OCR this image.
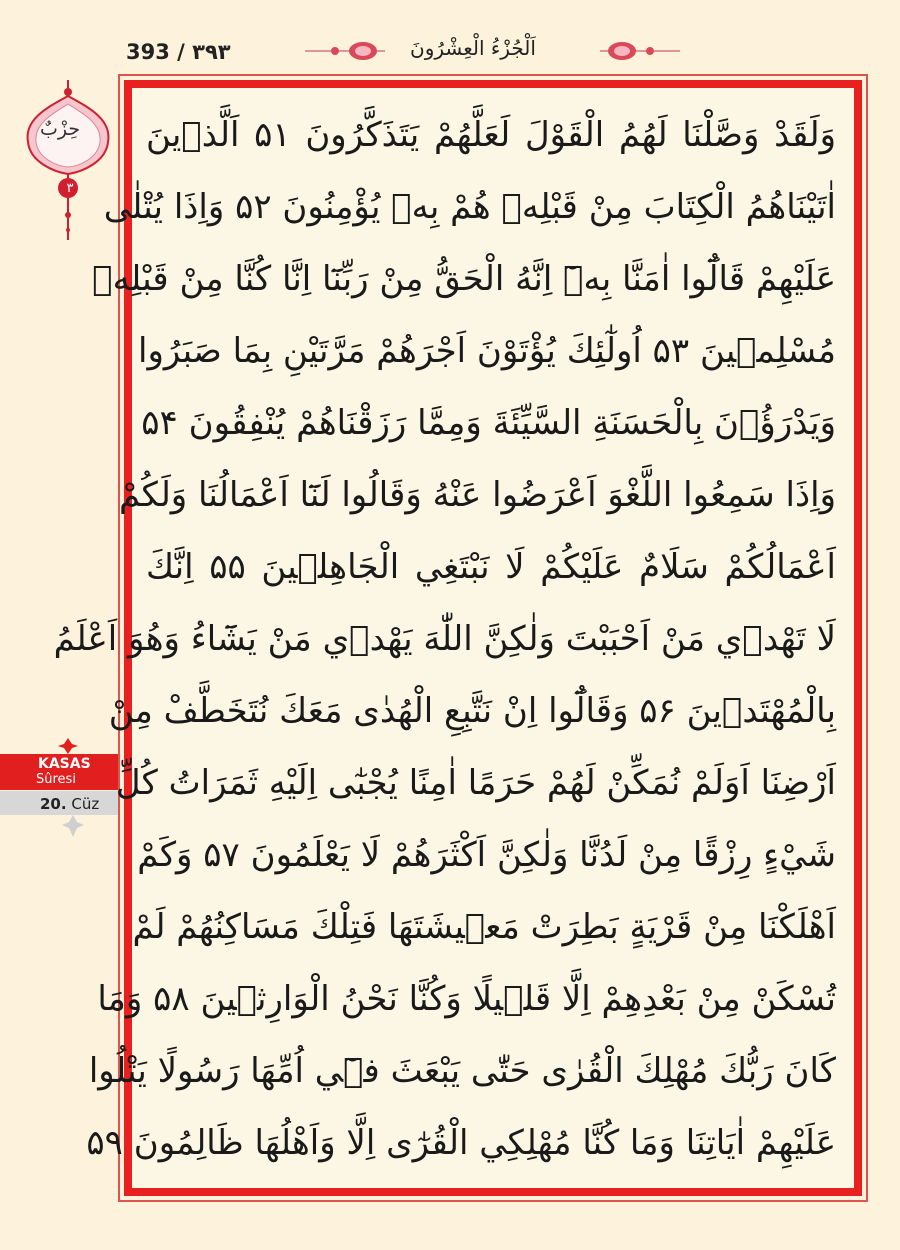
393 / ٣٩٣	اَلْجُزْءُ الْعِشْرُونَ
حِزْبٌ
٣
KASAS
Sûresi
20. Cüz
وَلَقَدْ وَصَّلْنَا لَهُمُ الْقَوْلَ لَعَلَّهُمْ يَتَذَكَّرُونَ ۵۱ اَلَّذٖينَ
اٰتَيْنَاهُمُ الْكِتَابَ مِنْ قَبْلِهٖ هُمْ بِهٖ يُؤْمِنُونَ ۵۲ وَاِذَا يُتْلٰى
عَلَيْهِمْ قَالُٓوا اٰمَنَّا بِهٖٓ اِنَّهُ الْحَقُّ مِنْ رَبِّنَٓا اِنَّا كُنَّا مِنْ قَبْلِهٖ
مُسْلِمٖينَ ۵۳ اُولٰٓئِكَ يُؤْتَوْنَ اَجْرَهُمْ مَرَّتَيْنِ بِمَا صَبَرُوا
وَيَدْرَؤُ۫نَ بِالْحَسَنَةِ السَّيِّئَةَ وَمِمَّا رَزَقْنَاهُمْ يُنْفِقُونَ ۵۴
وَاِذَا سَمِعُوا اللَّغْوَ اَعْرَضُوا عَنْهُ وَقَالُوا لَنَٓا اَعْمَالُنَا وَلَكُمْ
اَعْمَالُكُمْ سَلَامٌ عَلَيْكُمْ لَا نَبْتَغِي الْجَاهِلٖينَ ۵۵ اِنَّكَ
لَا تَهْدٖي مَنْ اَحْبَبْتَ وَلٰكِنَّ اللّٰهَ يَهْدٖي مَنْ يَشَٓاءُ وَهُوَ اَعْلَمُ
بِالْمُهْتَدٖينَ ۵۶ وَقَالُٓوا اِنْ نَتَّبِعِ الْهُدٰى مَعَكَ نُتَخَطَّفْ مِنْ
اَرْضِنَا اَوَلَمْ نُمَكِّنْ لَهُمْ حَرَمًا اٰمِنًا يُجْبٰٓى اِلَيْهِ ثَمَرَاتُ كُلِّ
شَيْءٍ رِزْقًا مِنْ لَدُنَّا وَلٰكِنَّ اَكْثَرَهُمْ لَا يَعْلَمُونَ ۵۷ وَكَمْ
اَهْلَكْنَا مِنْ قَرْيَةٍ بَطِرَتْ مَعٖيشَتَهَا فَتِلْكَ مَسَاكِنُهُمْ لَمْ
تُسْكَنْ مِنْ بَعْدِهِمْ اِلَّا قَلٖيلًا وَكُنَّا نَحْنُ الْوَارِثٖينَ ۵۸ وَمَا
كَانَ رَبُّكَ مُهْلِكَ الْقُرٰى حَتّٰى يَبْعَثَ فٖٓي اُمِّهَا رَسُولًا يَتْلُوا
عَلَيْهِمْ اٰيَاتِنَا وَمَا كُنَّا مُهْلِكِي الْقُرٰٓى اِلَّا وَاَهْلُهَا ظَالِمُونَ ۵۹
